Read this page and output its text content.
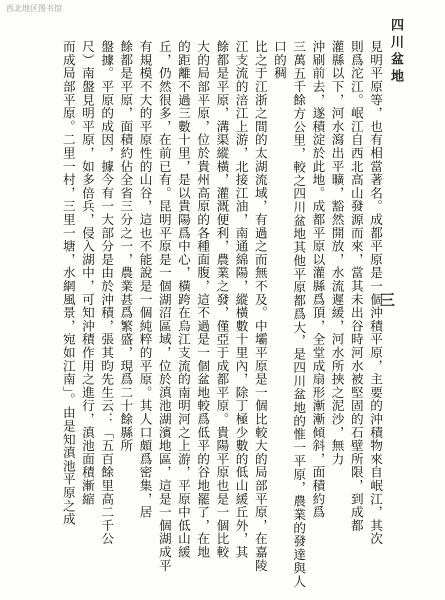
西北地区图书馆
四川盆地
三
見明平原等，也有相當著名。成都平原是一個沖積平原，主要的沖積物來自岷江，其次
則爲沱江。岷江自西北高山發源而來，當其未出谷時河水被堅固的石壁所限，到成都
灌縣以下，河水瀉出平曠，豁然開放，水流遲緩，河水所挾之泥沙，無力
沖刷前去，遂積淀於此地。成都平原以灌縣爲頂，全堂成扇形漸漸傾斜，面積約爲
三萬五千餘方公里，較之四川盆地其他平原都爲大，是四川盆地的惟一平原，農業的發達與人口的稠
比之于江浙之間的太湖流域，有過之而無不及。中壩平原是一個比較大的局部平原，在嘉陵
江支流的涪江上游，北接江油，南通綿陽，縱橫數十里內，除丁極少數的低山緩丘外，其
餘都是平原，溝渠縱橫，灌溉便利，農業之發，僅亞于成都平原。貴陽平原也是一個比較
大的局部平原，位於貴州高原的各種面腹，這不過是一個盆地較爲低平的谷地罷了，在地
的距離不過三數十里，是以貴陽爲中心，橫跨在烏江支流的南明河之上游，平原中低山緩
丘，仍然很多，在前已有。昆明平原是一個湖沼區域，位於滇池湖濱地區，這是一個湖成平
有規模不大的平原性的山谷，這也不能說是一個純粹的平原。其人口頗爲密集，居
餘都是平原，面積約佔全省三分之一，農業甚爲繁盛，現爲二十餘縣所
盤據。平原的成因，據今有一大部分是由於沖積，張其昀先生云：「五百餘里高二千公
尺）南盤見明平原，如多倍兵，侵入湖中，可知沖積作用之進行，滇池面積漸縮
而成局部平原。二里一村，三里一塘，水網風景，宛如江南」。由是知滇池平原之成
